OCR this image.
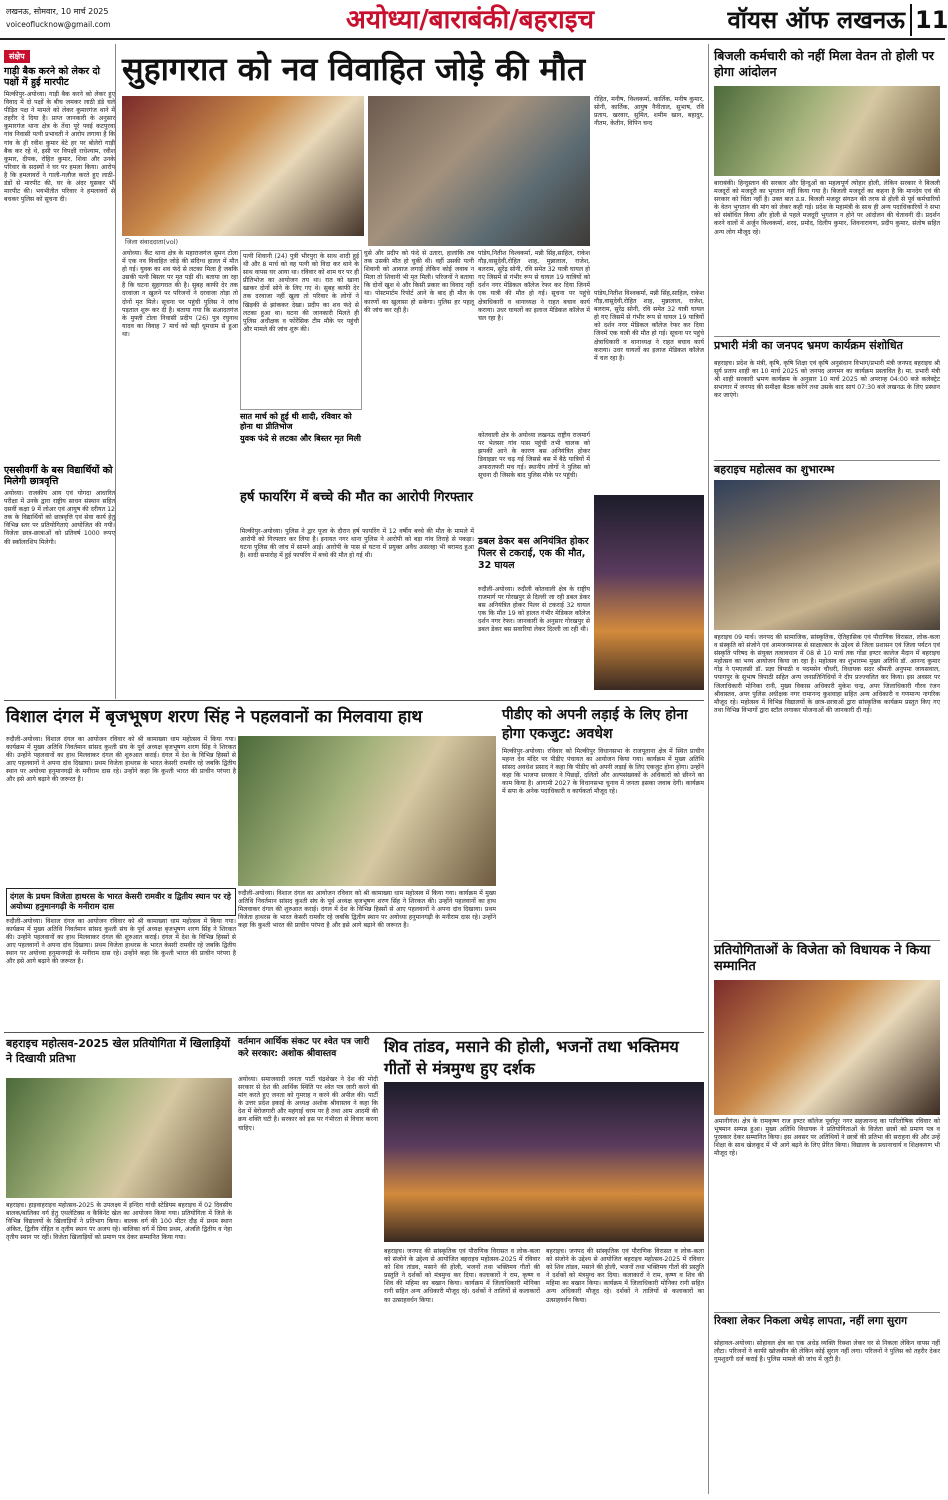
लखनऊ, सोमवार, 10 मार्च 2025
voiceoflucknow@gmail.com	अयोध्या/बाराबंकी/बहराइच	वॉयस ऑफ लखनऊ 11
संक्षेप
गाड़ी बैक करने को लेकर दो पक्षों में हुई मारपीट
मिल्कीपुर-अयोध्या। गाड़ी बैक करने को लेकर हुए विवाद में दो पक्षों के बीच जमकर लाठी डंडे चले पीड़ित पक्ष ने मामले को लेकर कुमारगंज थाने में तहरीर दे दिया है। प्राप्त जानकारी के अनुसार कुमारगंज थाना क्षेत्र के तेंधा पूरे पवई कटपुरवा गांव निवासी पत्नी प्रभावती ने आरोप लगाया है कि गांव के ही रवीश कुमार बेटे हर पर बोलेरो गाड़ी बैक कर रहे थे, इसी पर विपक्षी राधेश्याम, रवीश कुमार, दीपक, रोहित कुमार, शिवा और उनके परिवार के सदस्यों ने घर पर हमला किया। आरोप है कि हमलावरों ने गाली-गलौज करते हुए लाठी-डंडों से मारपीट की, घर के अंदर घुसकर भी मारपीट की। भयभीतीत परिवार ने हमलावरों से बचकर पुलिस को सूचना दी।
एससीवर्गी के बस विद्यार्थियों को मिलेगी छात्रवृत्ति
अयोध्या। राजकीय आय एवं योगदा आधारित परीक्षा में उनके द्वारा राष्ट्रीय साधन संस्थान सहित दसवीं कक्षा 9 में लोअर एवं आयुष की दरीयत 12 तक के विद्यार्थियों को छात्रवृत्ति एवं सेवा कार्य हेतु विभिन्न स्तर पर प्रतियोगिताएं आयोजित की गयी। विजेता छात्र-छात्राओं को प्रतिवर्ष 1000 रूपए की स्कॉलरशिप मिलेगी।
सुहागरात को नव विवाहित जोड़े की मौत
जिला संवाददाता(vol)
अयोध्या। कैंट थाना क्षेत्र के महाराजगंज सुमन टोला में एक नव विवाहित जोड़े की संदिग्ध हालत में मौत हो गई। युवक का शव फंदे से लटका मिला है जबकि उसकी पत्नी बिस्तर पर मृत पड़ी थी। बताया जा रहा है कि घटना सुहागरात की है। सुबह काफी देर तक दरवाजा न खुलने पर परिजनों ने दरवाजा तोड़ा तो दोनों मृत मिले। सूचना पर पहुंची पुलिस ने जांच पड़ताल शुरू कर दी है। बताया गया कि सआदतगंज के मुफ्ती टोला निवासी प्रदीप (26) पुत्र रघुनाथ यादव का विवाह 7 मार्च को बड़ी धूमधाम से हुआ था।
पत्नी शिवानी (24) पुत्री भीरपुरा के साथ शादी हुई थी और 8 मार्च को वह पत्नी को विदा कर थाने के साथ वापस घर आया था। रविवार को शाम घर पर ही प्रीतिभोज का आयोजन तय था। रात को खाना खाकर दोनों सोने के लिए गए थे। सुबह काफी देर तक दरवाजा नहीं खुला तो परिवार के लोगों ने खिड़की से झांककर देखा। प्रदीप का शव फंदे से लटका हुआ था। घटना की जानकारी मिलते ही पुलिस अधीक्षक व फोरेंसिक टीम मौके पर पहुंची और मामले की जांच शुरू की।
सात मार्च को हुई थी शादी, रविवार को होना था प्रीतिभोज
युवक फंदे से लटका और बिस्तर मृत मिली
घुसे और प्रदीप को फंदे से उतारा, हालांकि तब तक उसकी मौत हो चुकी थी। वहीं उसकी पत्नी शिवानी को आवाज लगाई लेकिन कोई जवाब न मिला तो शिवानी भी मृत मिली। परिजनों ने बताया कि दोनों खुश थे और किसी प्रकार का विवाद नहीं था। पोस्टमार्टम रिपोर्ट आने के बाद ही मौत के कारणों का खुलासा हो सकेगा। पुलिस हर पहलू की जांच कर रही है।
हर्ष फायरिंग में बच्चे की मौत का आरोपी गिरफ्तार
मिल्कीपुर-अयोध्या। पुलिस ने द्वार पूजा के दौरान हर्ष फायरिंग में 12 वर्षीय बच्चे की मौत के मामले में आरोपी को गिरफ्तार कर लिया है। इनायत नगर थाना पुलिस ने आरोपी को बड़ा गांव तिराहे से पकड़ा। घटना पुलिस की जांच में सामने आई। आरोपी के पास से घटना में प्रयुक्त अवैध असलहा भी बरामद हुआ है। शादी समारोह में हुई फायरिंग में बच्चे की मौत हो गई थी।
पांडेय,नितीश विश्वकर्मा, मन्नी सिंह,साहिल, राकेश गौड़,वासुदेवी,रोहित शाह, मुन्नालाल, राजेश, बलराम, सुरेंद्र सोनी, रवि समेत 32 यात्री घायल हो गए जिसमें से गंभीर रूप से घायल 19 यात्रियों को दर्शन नगर मेडिकल कॉलेज रेफर कर दिया जिनमें एक यात्री की मौत हो गई। सूचना पर पहुंचे क्षेत्राधिकारी व थानाध्यक्ष ने राहत बचाव कार्य कराया। उधर घायलों का इलाज मेडिकल कॉलेज में चल रहा है।
कोतवाली क्षेत्र के अयोध्या लखनऊ राष्ट्रीय राजमार्ग पर भेलसर गांव पास पहुंची तभी चालक को झपकी आने के कारण बस अनियंत्रित होकर डिवाइडर पर चढ़ गई जिससे बस में बैठे यात्रियों में अफरातफरी मच गई। स्थानीय लोगों ने पुलिस को सूचना दी जिसके बाद पुलिस मौके पर पहुंची।
डबल डेकर बस अनियंत्रित होकर पिलर से टकराई, एक की मौत, 32 घायल
रुदौली-अयोध्या। रुदौली कोतवाली क्षेत्र के राष्ट्रीय राजमार्ग पर गोरखपुर से दिल्ली जा रही डबल डेकर बस अनियंत्रित होकर पिलर से टकराई 32 घायल एक कि मौत 19 को हालत गंभीर मेडिकल कॉलेज दर्शन नगर रेफर। जानकारी के अनुसार गोरखपुर से डबल डेकर बस सवारियां लेकर दिल्ली जा रही थी।
रोहित, मनीष, विश्वकर्मा, कार्तिक, मनीष कुमार, सोनी, कार्तिक, आयुष नैनीताल, सुभाष, रवि प्रताप, खरवार, सुमित, शमीम खान, बहादुर, नीतम, केतीन, विपिन चन्द
पांडेय,नितीश विश्वकर्मा, मन्नी सिंह,साहिल, राकेश गौड़,वासुदेवी,रोहित शाह, मुन्नालाल, राजेश, बलराम, सुरेंद्र सोनी, रवि समेत 32 यात्री घायल हो गए जिसमें से गंभीर रूप से घायल 19 यात्रियों को दर्शन नगर मेडिकल कॉलेज रेफर कर दिया जिनमें एक यात्री की मौत हो गई। सूचना पर पहुंचे क्षेत्राधिकारी व थानाध्यक्ष ने राहत बचाव कार्य कराया। उधर घायलों का इलाज मेडिकल कॉलेज में चल रहा है।
बिजली कर्मचारी को नहीं मिला वेतन तो होली पर होगा आंदोलन
बाराबंकी। हिन्दुस्तान की सरकार और हिन्दुओं का महत्वपूर्ण त्योहार होली, लेकिन सरकार ने बिजली मजदूरों को मजदूरी का भुगतान नहीं किया गया है। बिजली मजदूरों का कहना है कि मानदेय एवं की सरकार को चिंता नहीं है। उक्त बात उ.प्र. बिजली मजदूर संगठन की तरफ से होली से पूर्व कर्मचारियों के वेतन भुगतान की मांग को लेकर कही गई। प्रदेश के महामंत्री के साथ ही अन्य पदाधिकारियों ने सभा को संबोधित किया और होली से पहले मजदूरी भुगतान न होने पर आंदोलन की चेतावनी दी। प्रदर्शन करने वालों में अर्जुन विश्वकर्मा, शरद, प्रमोद, दिलीप कुमार, शिवनारायण, प्रदीप कुमार, संतोष सहित अन्य लोग मौजूद रहे।
प्रभारी मंत्री का जनपद भ्रमण कार्यक्रम संशोधित
बहराइच। प्रदेश के मंत्री, कृषि, कृषि शिक्षा एवं कृषि अनुसंधान विभाग/प्रभारी मंत्री जनपद बहराइच श्री सूर्य प्रताप शाही का 10 मार्च 2025 को जनपद आगमन का कार्यक्रम प्रस्तावित है। मा. प्रभारी मंत्री श्री शाही सरकारी भ्रमण कार्यक्रम के अनुसार 10 मार्च 2025 को अपरान्ह 04:00 बजे कलेक्ट्रेट सभागार में जनपद की समीक्षा बैठक करेंगे तथा उसके बाद सायं 07:30 बजे लखनऊ के लिए प्रस्थान कर जाएंगे।
बहराइच महोत्सव का शुभारम्भ
बहराइच 09 मार्च। जनपद की सामाजिक, सांस्कृतिक, ऐतिहासिक एवं पौराणिक विरासत, लोक-कला व संस्कृति को संजोने एवं आमजनमानस से साक्षात्कार के उद्देश्य से जिला प्रशासन एवं जिला पर्यटन एवं संस्कृति परिषद के संयुक्त तत्वावधान में 08 से 10 मार्च तक गोंडा इण्टर कालेज मैदान में बहराइच महोत्सव का भव्य आयोजन किया जा रहा है। महोत्सव का शुभारम्भ मुख्य अतिथि डॉ. आनन्द कुमार गोंड़ ने एमएलसी डॉ. प्रज्ञा त्रिपाठी व पदमसेन चौधरी, विधायक सदर श्रीमती अनुपमा जायसवाल, पयागपुर के सुभाष त्रिपाठी सहित अन्य जनप्रतिनिधियों ने दीप प्रज्ज्वलित कर किया। इस अवसर पर जिलाधिकारी मोनिका रानी, मुख्य विकास अधिकारी मुकेश चन्द्र, अपर जिलाधिकारी गौरव रंजन श्रीवास्तव, अपर पुलिस अधीक्षक नगर रामानन्द कुशवाहा सहित अन्य अधिकारी व गणमान्य नागरिक मौजूद रहे। महोत्सव में विभिन्न विद्यालयों के छात्र-छात्राओं द्वारा सांस्कृतिक कार्यक्रम प्रस्तुत किए गए तथा विभिन्न विभागों द्वारा स्टॉल लगाकर योजनाओं की जानकारी दी गई।
प्रतियोगिताओं के विजेता को विधायक ने किया सम्मानित
अमानीगंज। क्षेत्र के रामकृष्ण राज इण्टर कॉलेज पूर्वापुर नगर सहजानन्द का पारितोषिक रविवार को भूषमान सम्पन्न हुआ। मुख्य अतिथि विधायक ने प्रतियोगिताओं के विजेता छात्रों को प्रमाण पत्र व पुरस्कार देकर सम्मानित किया। इस अवसर पर अतिथियों ने छात्रों की प्रतिभा की सराहना की और उन्हें शिक्षा के साथ खेलकूद में भी आगे बढ़ने के लिए प्रेरित किया। विद्यालय के प्रधानाचार्य व शिक्षकगण भी मौजूद रहे।
रिक्शा लेकर निकला अधेड़ लापता, नहीं लगा सुराग
सोहावल-अयोध्या। सोहावल क्षेत्र का एक अधेड़ व्यक्ति रिक्शा लेकर घर से निकला लेकिन वापस नहीं लौटा। परिजनों ने काफी खोजबीन की लेकिन कोई सुराग नहीं लगा। परिजनों ने पुलिस को तहरीर देकर गुमशुदगी दर्ज कराई है। पुलिस मामले की जांच में जुटी है।
विशाल दंगल में बृजभूषण शरण सिंह ने पहलवानों का मिलवाया हाथ
रुदौली-अयोध्या। विशाल दंगल का आयोजन रविवार को श्री कामाख्या धाम महोत्सव में किया गया। कार्यक्रम में मुख्य अतिथि निवर्तमान सांसद कुश्ती संघ के पूर्व अध्यक्ष बृजभूषण शरण सिंह ने शिरकत की। उन्होंने पहलवानों का हाथ मिलवाकर दंगल की शुरुआत कराई। दंगल में देश के विभिन्न हिस्सों से आए पहलवानों ने अपना दांव दिखाया। प्रथम विजेता हाथरस के भारत केसरी रामवीर रहे जबकि द्वितीय स्थान पर अयोध्या हनुमानगढ़ी के मनीराम दास रहे। उन्होंने कहा कि कुश्ती भारत की प्राचीन परंपरा है और इसे आगे बढ़ाने की जरूरत है।
दंगल के प्रथम विजेता हाथरस के भारत केसरी रामवीर व द्वितीय स्थान पर रहे अयोध्या हनुमानगढ़ी के मनीराम दास
रुदौली-अयोध्या। विशाल दंगल का आयोजन रविवार को श्री कामाख्या धाम महोत्सव में किया गया। कार्यक्रम में मुख्य अतिथि निवर्तमान सांसद कुश्ती संघ के पूर्व अध्यक्ष बृजभूषण शरण सिंह ने शिरकत की। उन्होंने पहलवानों का हाथ मिलवाकर दंगल की शुरुआत कराई। दंगल में देश के विभिन्न हिस्सों से आए पहलवानों ने अपना दांव दिखाया। प्रथम विजेता हाथरस के भारत केसरी रामवीर रहे जबकि द्वितीय स्थान पर अयोध्या हनुमानगढ़ी के मनीराम दास रहे। उन्होंने कहा कि कुश्ती भारत की प्राचीन परंपरा है और इसे आगे बढ़ाने की जरूरत है।
रुदौली-अयोध्या। विशाल दंगल का आयोजन रविवार को श्री कामाख्या धाम महोत्सव में किया गया। कार्यक्रम में मुख्य अतिथि निवर्तमान सांसद कुश्ती संघ के पूर्व अध्यक्ष बृजभूषण शरण सिंह ने शिरकत की। उन्होंने पहलवानों का हाथ मिलवाकर दंगल की शुरुआत कराई। दंगल में देश के विभिन्न हिस्सों से आए पहलवानों ने अपना दांव दिखाया। प्रथम विजेता हाथरस के भारत केसरी रामवीर रहे जबकि द्वितीय स्थान पर अयोध्या हनुमानगढ़ी के मनीराम दास रहे। उन्होंने कहा कि कुश्ती भारत की प्राचीन परंपरा है और इसे आगे बढ़ाने की जरूरत है।
पीडीए को अपनी लड़ाई के लिए होना होगा एकजुट: अवधेश
मिल्कीपुर-अयोध्या। रविवार को मिल्कीपुर विधानसभा के राजपूताना क्षेत्र में स्थित प्राचीन महन्त देव मंदिर पर पीडीए पंचायत का आयोजन किया गया। कार्यक्रम में मुख्य अतिथि सांसद अवधेश प्रसाद ने कहा कि पीडीए को अपनी लड़ाई के लिए एकजुट होना होगा। उन्होंने कहा कि भाजपा सरकार ने पिछड़ों, दलितों और अल्पसंख्यकों के अधिकारों को छीनने का काम किया है। आगामी 2027 के विधानसभा चुनाव में जनता इसका जवाब देगी। कार्यक्रम में सपा के अनेक पदाधिकारी व कार्यकर्ता मौजूद रहे।
बहराइच महोत्सव-2025 खेल प्रतियोगिता में खिलाड़ियों ने दिखायी प्रतिभा
बहराइच। हाइवाहराइच महोत्सव-2025 के उपलक्ष्य में इन्दिरा गांधी स्टेडियम बहराइच में 02 दिवसीय बालक/बालिका वर्ग हेतु एथलेटिक्स व कैबिनेट खेल का आयोजन किया गया। प्रतियोगिता में जिले के विभिन्न विद्यालयों के खिलाड़ियों ने प्रतिभाग किया। बालक वर्ग की 100 मीटर दौड़ में प्रथम स्थान अंकित, द्वितीय रोहित व तृतीय स्थान पर अजय रहे। बालिका वर्ग में प्रिया प्रथम, अंजलि द्वितीय व नेहा तृतीय स्थान पर रहीं। विजेता खिलाड़ियों को प्रमाण पत्र देकर सम्मानित किया गया।
वर्तमान आर्थिक संकट पर श्वेत पत्र जारी करे सरकार: अशोक श्रीवास्तव
अयोध्या। समाजवादी जनता पार्टी चंद्रशेखर ने देश की मोदी सरकार से देश की आर्थिक स्थिति पर श्वेत पत्र जारी करने की मांग करते हुए जनता को गुमराह न करने की अपील की। पार्टी के उत्तर प्रदेश इकाई के अध्यक्ष अशोक श्रीवास्तव ने कहा कि देश में बेरोजगारी और महंगाई चरम पर है तथा आम आदमी की क्रय शक्ति घटी है। सरकार को इस पर गंभीरता से विचार करना चाहिए।
शिव तांडव, मसाने की होली, भजनों तथा भक्तिमय गीतों से मंत्रमुग्ध हुए दर्शक
बहराइच। जनपद की सांस्कृतिक एवं पौराणिक विरासत व लोक-कला को संजोने के उद्देश्य से आयोजित बहराइच महोत्सव-2025 में रविवार को शिव तांडव, मसाने की होली, भजनों तथा भक्तिमय गीतों की प्रस्तुति ने दर्शकों को मंत्रमुग्ध कर दिया। कलाकारों ने राम, कृष्ण व शिव की महिमा का बखान किया। कार्यक्रम में जिलाधिकारी मोनिका रानी सहित अन्य अधिकारी मौजूद रहे। दर्शकों ने तालियों से कलाकारों का उत्साहवर्धन किया।
बहराइच। जनपद की सांस्कृतिक एवं पौराणिक विरासत व लोक-कला को संजोने के उद्देश्य से आयोजित बहराइच महोत्सव-2025 में रविवार को शिव तांडव, मसाने की होली, भजनों तथा भक्तिमय गीतों की प्रस्तुति ने दर्शकों को मंत्रमुग्ध कर दिया। कलाकारों ने राम, कृष्ण व शिव की महिमा का बखान किया। कार्यक्रम में जिलाधिकारी मोनिका रानी सहित अन्य अधिकारी मौजूद रहे। दर्शकों ने तालियों से कलाकारों का उत्साहवर्धन किया।
